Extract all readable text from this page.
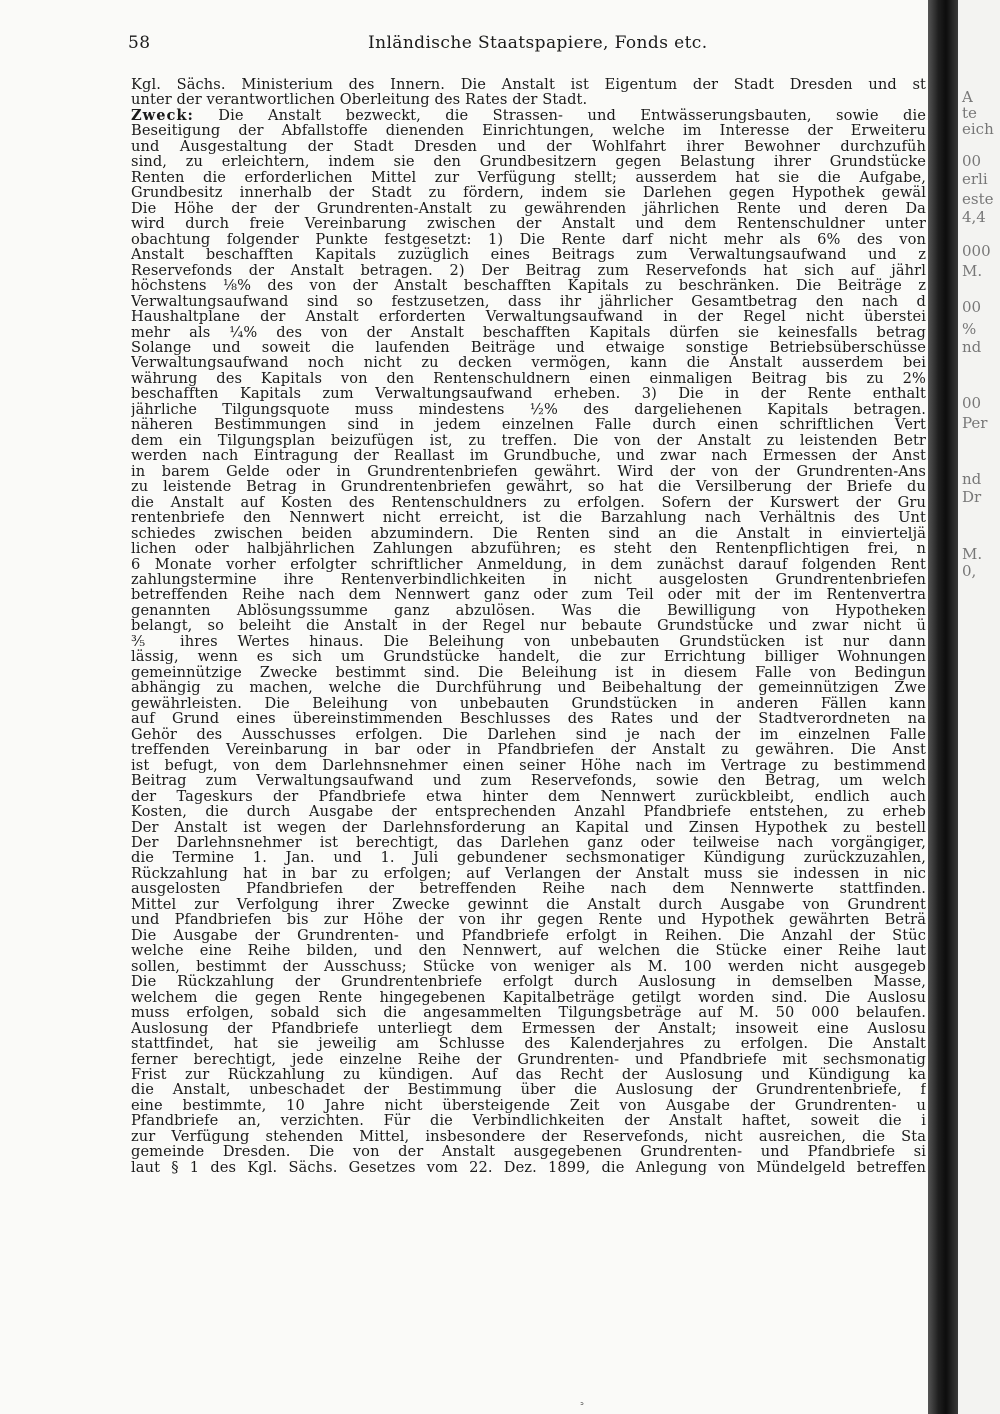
58	Inländische Staatspapiere, Fonds etc.
Kgl. Sächs. Ministerium des Innern. Die Anstalt ist Eigentum der Stadt Dresden und st
unter der verantwortlichen Oberleitung des Rates der Stadt.
Zweck: Die Anstalt bezweckt, die Strassen- und Entwässerungsbauten, sowie die
Beseitigung der Abfallstoffe dienenden Einrichtungen, welche im Interesse der Erweiteru
und Ausgestaltung der Stadt Dresden und der Wohlfahrt ihrer Bewohner durchzufüh
sind, zu erleichtern, indem sie den Grundbesitzern gegen Belastung ihrer Grundstücke
Renten die erforderlichen Mittel zur Verfügung stellt; ausserdem hat sie die Aufgabe,
Grundbesitz innerhalb der Stadt zu fördern, indem sie Darlehen gegen Hypothek gewäl
Die Höhe der der Grundrenten-Anstalt zu gewährenden jährlichen Rente und deren Da
wird durch freie Vereinbarung zwischen der Anstalt und dem Rentenschuldner unter
obachtung folgender Punkte festgesetzt: 1) Die Rente darf nicht mehr als 6% des von
Anstalt beschafften Kapitals zuzüglich eines Beitrags zum Verwaltungsaufwand und z
Reservefonds der Anstalt betragen. 2) Der Beitrag zum Reservefonds hat sich auf jährl
höchstens ⅛% des von der Anstalt beschafften Kapitals zu beschränken. Die Beiträge z
Verwaltungsaufwand sind so festzusetzen, dass ihr jährlicher Gesamtbetrag den nach d
Haushaltplane der Anstalt erforderten Verwaltungsaufwand in der Regel nicht überstei
mehr als ¼% des von der Anstalt beschafften Kapitals dürfen sie keinesfalls betrag
Solange und soweit die laufenden Beiträge und etwaige sonstige Betriebsüberschüsse
Verwaltungsaufwand noch nicht zu decken vermögen, kann die Anstalt ausserdem bei
währung des Kapitals von den Rentenschuldnern einen einmaligen Beitrag bis zu 2%
beschafften Kapitals zum Verwaltungsaufwand erheben. 3) Die in der Rente enthalt
jährliche Tilgungsquote muss mindestens ½% des dargeliehenen Kapitals betragen.
näheren Bestimmungen sind in jedem einzelnen Falle durch einen schriftlichen Vert
dem ein Tilgungsplan beizufügen ist, zu treffen. Die von der Anstalt zu leistenden Betr
werden nach Eintragung der Reallast im Grundbuche, und zwar nach Ermessen der Anst
in barem Gelde oder in Grundrentenbriefen gewährt. Wird der von der Grundrenten-Ans
zu leistende Betrag in Grundrentenbriefen gewährt, so hat die Versilberung der Briefe du
die Anstalt auf Kosten des Rentenschuldners zu erfolgen. Sofern der Kurswert der Gru
rentenbriefe den Nennwert nicht erreicht, ist die Barzahlung nach Verhältnis des Unt
schiedes zwischen beiden abzumindern. Die Renten sind an die Anstalt in einvierteljä
lichen oder halbjährlichen Zahlungen abzuführen; es steht den Rentenpflichtigen frei, n
6 Monate vorher erfolgter schriftlicher Anmeldung, in dem zunächst darauf folgenden Rent
zahlungstermine ihre Rentenverbindlichkeiten in nicht ausgelosten Grundrentenbriefen
betreffenden Reihe nach dem Nennwert ganz oder zum Teil oder mit der im Rentenvertra
genannten Ablösungssumme ganz abzulösen. Was die Bewilligung von Hypotheken
belangt, so beleiht die Anstalt in der Regel nur bebaute Grundstücke und zwar nicht ü
⅗ ihres Wertes hinaus. Die Beleihung von unbebauten Grundstücken ist nur dann
lässig, wenn es sich um Grundstücke handelt, die zur Errichtung billiger Wohnungen
gemeinnützige Zwecke bestimmt sind. Die Beleihung ist in diesem Falle von Bedingun
abhängig zu machen, welche die Durchführung und Beibehaltung der gemeinnützigen Zwe
gewährleisten. Die Beleihung von unbebauten Grundstücken in anderen Fällen kann
auf Grund eines übereinstimmenden Beschlusses des Rates und der Stadtverordneten na
Gehör des Ausschusses erfolgen. Die Darlehen sind je nach der im einzelnen Falle
treffenden Vereinbarung in bar oder in Pfandbriefen der Anstalt zu gewähren. Die Anst
ist befugt, von dem Darlehnsnehmer einen seiner Höhe nach im Vertrage zu bestimmend
Beitrag zum Verwaltungsaufwand und zum Reservefonds, sowie den Betrag, um welch
der Tageskurs der Pfandbriefe etwa hinter dem Nennwert zurückbleibt, endlich auch
Kosten, die durch Ausgabe der entsprechenden Anzahl Pfandbriefe entstehen, zu erheb
Der Anstalt ist wegen der Darlehnsforderung an Kapital und Zinsen Hypothek zu bestell
Der Darlehnsnehmer ist berechtigt, das Darlehen ganz oder teilweise nach vorgängiger,
die Termine 1. Jan. und 1. Juli gebundener sechsmonatiger Kündigung zurückzuzahlen,
Rückzahlung hat in bar zu erfolgen; auf Verlangen der Anstalt muss sie indessen in nic
ausgelosten Pfandbriefen der betreffenden Reihe nach dem Nennwerte stattfinden.
Mittel zur Verfolgung ihrer Zwecke gewinnt die Anstalt durch Ausgabe von Grundrent
und Pfandbriefen bis zur Höhe der von ihr gegen Rente und Hypothek gewährten Beträ
Die Ausgabe der Grundrenten- und Pfandbriefe erfolgt in Reihen. Die Anzahl der Stüc
welche eine Reihe bilden, und den Nennwert, auf welchen die Stücke einer Reihe laut
sollen, bestimmt der Ausschuss; Stücke von weniger als M. 100 werden nicht ausgegeb
Die Rückzahlung der Grundrentenbriefe erfolgt durch Auslosung in demselben Masse,
welchem die gegen Rente hingegebenen Kapitalbeträge getilgt worden sind. Die Auslosu
muss erfolgen, sobald sich die angesammelten Tilgungsbeträge auf M. 50 000 belaufen.
Auslosung der Pfandbriefe unterliegt dem Ermessen der Anstalt; insoweit eine Auslosu
stattfindet, hat sie jeweilig am Schlusse des Kalenderjahres zu erfolgen. Die Anstalt
ferner berechtigt, jede einzelne Reihe der Grundrenten- und Pfandbriefe mit sechsmonatig
Frist zur Rückzahlung zu kündigen. Auf das Recht der Auslosung und Kündigung ka
die Anstalt, unbeschadet der Bestimmung über die Auslosung der Grundrentenbriefe, f
eine bestimmte, 10 Jahre nicht übersteigende Zeit von Ausgabe der Grundrenten- u
Pfandbriefe an, verzichten. Für die Verbindlichkeiten der Anstalt haftet, soweit die i
zur Verfügung stehenden Mittel, insbesondere der Reservefonds, nicht ausreichen, die Sta
gemeinde Dresden. Die von der Anstalt ausgegebenen Grundrenten- und Pfandbriefe si
laut § 1 des Kgl. Sächs. Gesetzes vom 22. Dez. 1899, die Anlegung von Mündelgeld betreffen
ᐣ
A
te
eich
00
erli
este
4,4
000
M.
00
%
nd
00
Per
nd
Dr
M.
0,
